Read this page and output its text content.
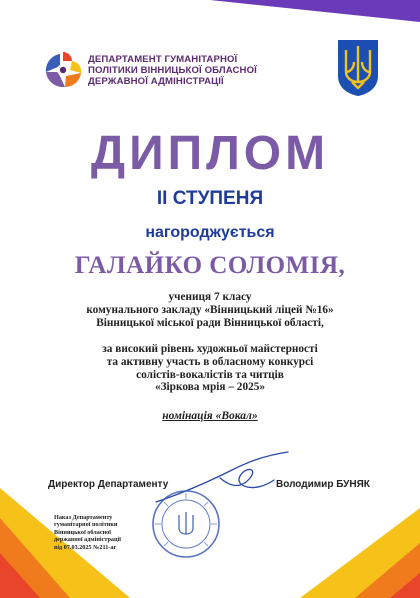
ДЕПАРТАМЕНТ ГУМАНІТАРНОЇ
ПОЛІТИКИ ВІННИЦЬКОЇ ОБЛАСНОЇ
ДЕРЖАВНОЇ АДМІНІСТРАЦІЇ
ДИПЛОМ
ІІ СТУПЕНЯ
нагороджується
ГАЛАЙКО СОЛОМІЯ,
учениця 7 класу
комунального закладу «Вінницький ліцей №16»
Вінницької міської ради Вінницької області,
за високий рівень художньої майстерності
та активну участь в обласному конкурсі
солістів-вокалістів та читців
«Зіркова мрія – 2025»
номінація «Вокал»
Директор Департаменту	Володимир БУНЯК
Наказ Департаменту
гуманітарної політики
Вінницької обласної
державної адміністрації
від 07.03.2025 №211-аг
